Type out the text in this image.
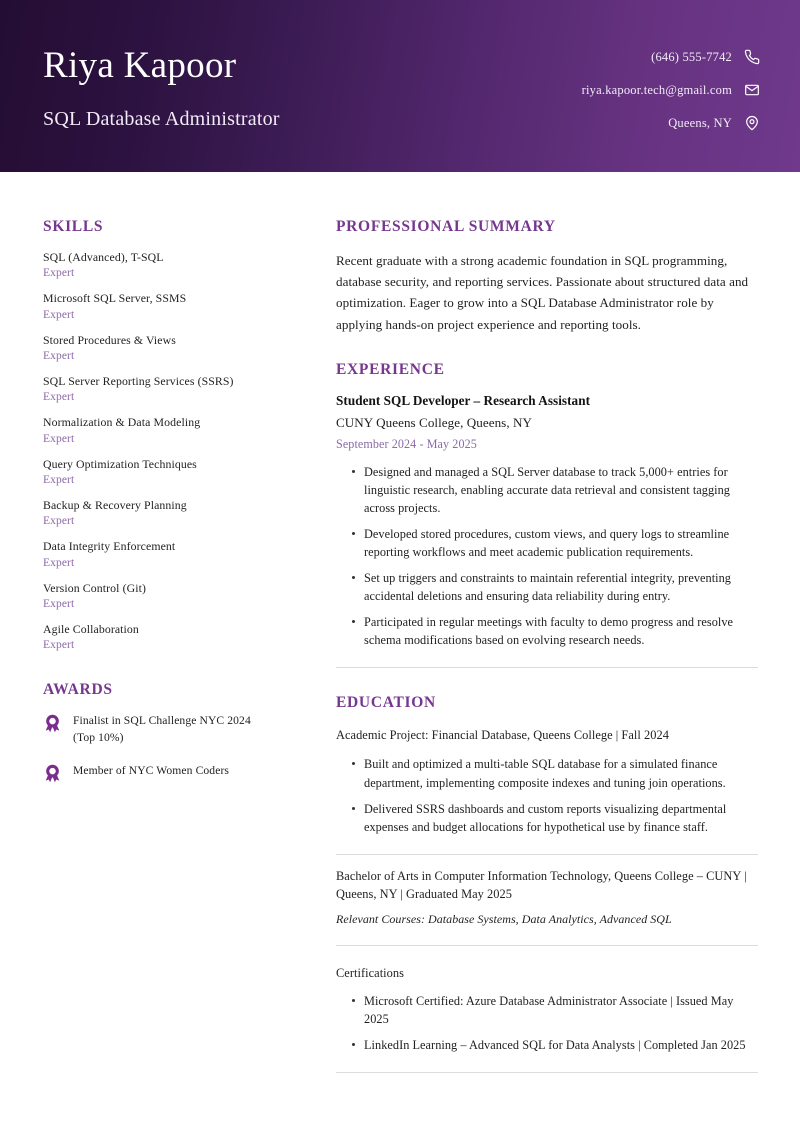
Riya Kapoor
SQL Database Administrator
(646) 555-7742
riya.kapoor.tech@gmail.com
Queens, NY
SKILLS
SQL (Advanced), T-SQL
Expert
Microsoft SQL Server, SSMS
Expert
Stored Procedures & Views
Expert
SQL Server Reporting Services (SSRS)
Expert
Normalization & Data Modeling
Expert
Query Optimization Techniques
Expert
Backup & Recovery Planning
Expert
Data Integrity Enforcement
Expert
Version Control (Git)
Expert
Agile Collaboration
Expert
AWARDS
Finalist in SQL Challenge NYC 2024 (Top 10%)
Member of NYC Women Coders
PROFESSIONAL SUMMARY
Recent graduate with a strong academic foundation in SQL programming, database security, and reporting services. Passionate about structured data and optimization. Eager to grow into a SQL Database Administrator role by applying hands-on project experience and reporting tools.
EXPERIENCE
Student SQL Developer – Research Assistant
CUNY Queens College, Queens, NY
September 2024 - May 2025
Designed and managed a SQL Server database to track 5,000+ entries for linguistic research, enabling accurate data retrieval and consistent tagging across projects.
Developed stored procedures, custom views, and query logs to streamline reporting workflows and meet academic publication requirements.
Set up triggers and constraints to maintain referential integrity, preventing accidental deletions and ensuring data reliability during entry.
Participated in regular meetings with faculty to demo progress and resolve schema modifications based on evolving research needs.
EDUCATION
Academic Project: Financial Database, Queens College | Fall 2024
Built and optimized a multi-table SQL database for a simulated finance department, implementing composite indexes and tuning join operations.
Delivered SSRS dashboards and custom reports visualizing departmental expenses and budget allocations for hypothetical use by finance staff.
Bachelor of Arts in Computer Information Technology, Queens College – CUNY | Queens, NY | Graduated May 2025
Relevant Courses: Database Systems, Data Analytics, Advanced SQL
Certifications
Microsoft Certified: Azure Database Administrator Associate | Issued May 2025
LinkedIn Learning – Advanced SQL for Data Analysts | Completed Jan 2025
